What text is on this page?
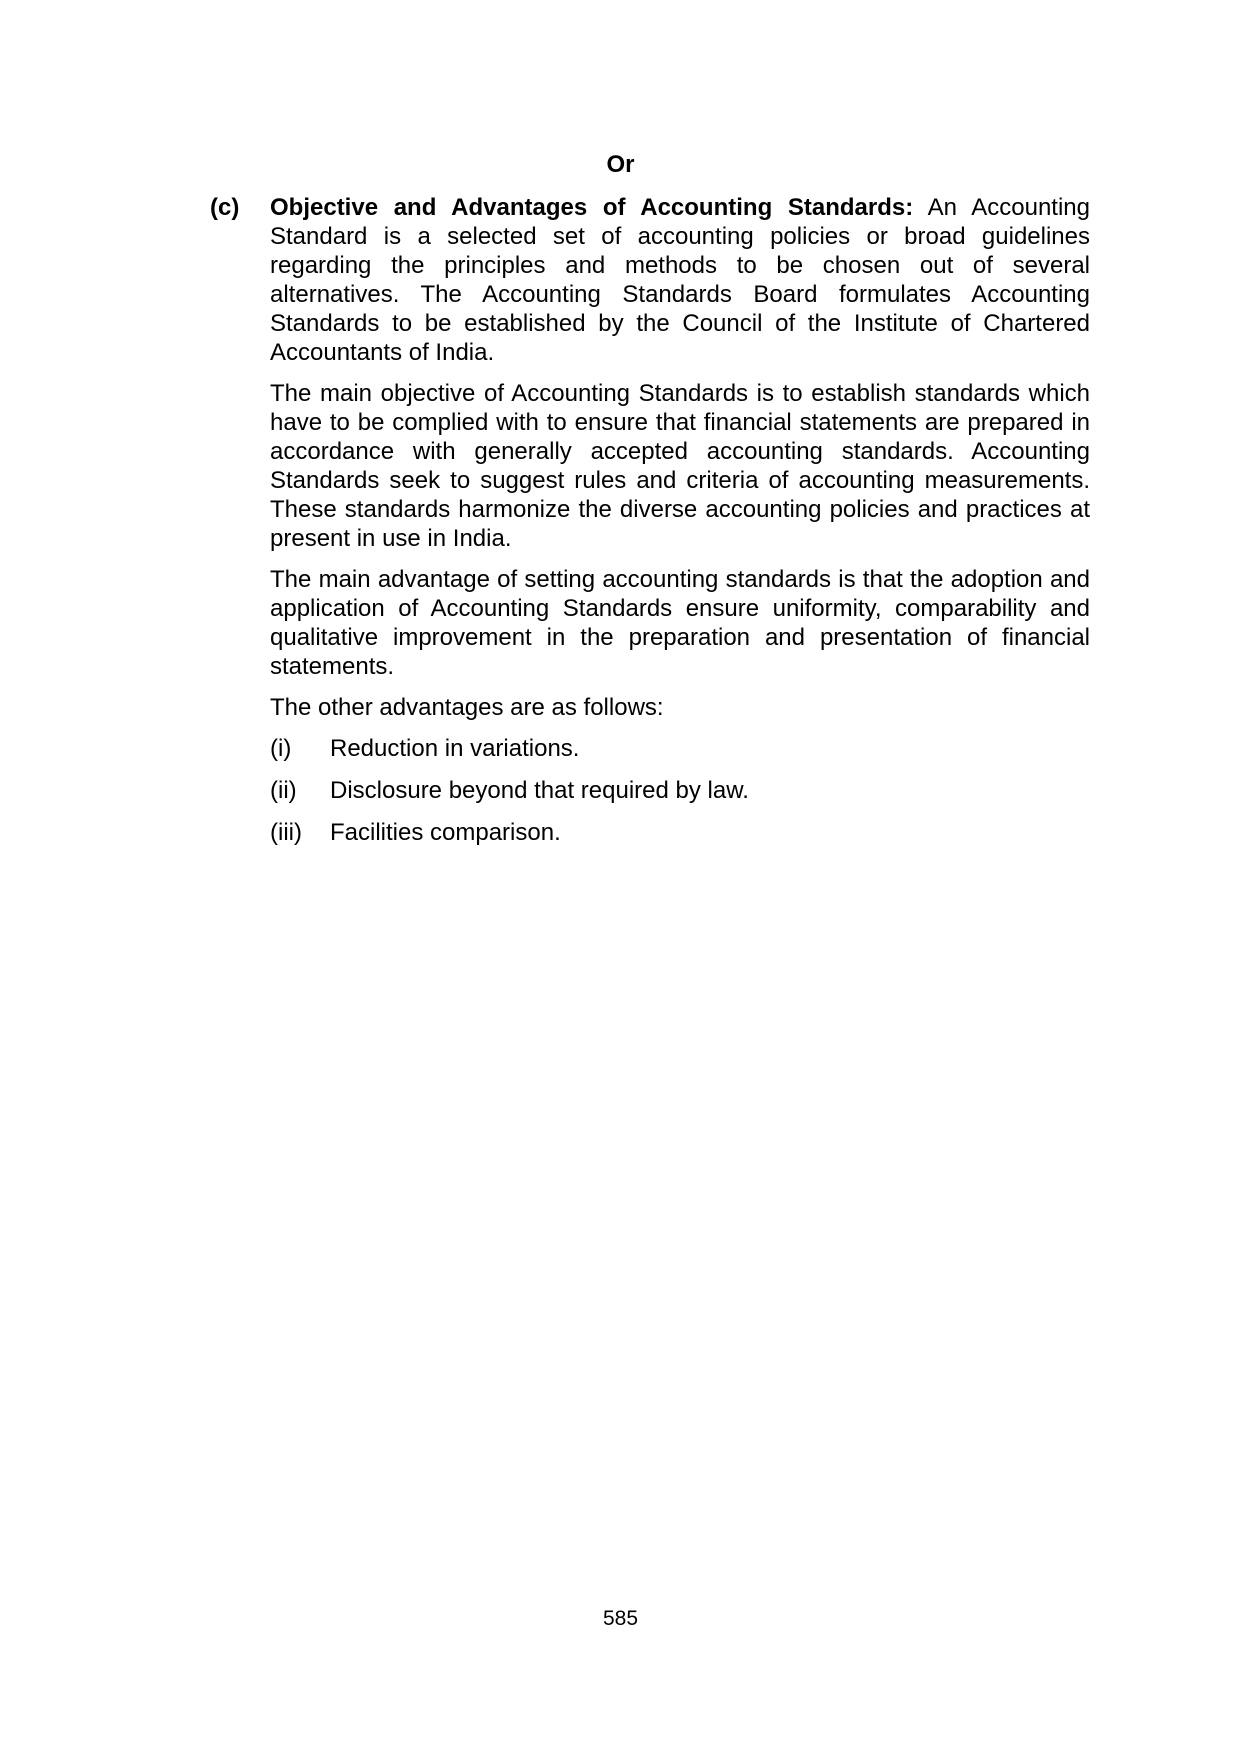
Or
(c) Objective and Advantages of Accounting Standards: An Accounting Standard is a selected set of accounting policies or broad guidelines regarding the principles and methods to be chosen out of several alternatives. The Accounting Standards Board formulates Accounting Standards to be established by the Council of the Institute of Chartered Accountants of India.

The main objective of Accounting Standards is to establish standards which have to be complied with to ensure that financial statements are prepared in accordance with generally accepted accounting standards. Accounting Standards seek to suggest rules and criteria of accounting measurements. These standards harmonize the diverse accounting policies and practices at present in use in India.

The main advantage of setting accounting standards is that the adoption and application of Accounting Standards ensure uniformity, comparability and qualitative improvement in the preparation and presentation of financial statements.

The other advantages are as follows:

(i)	Reduction in variations.
(ii)	Disclosure beyond that required by law.
(iii)	Facilities comparison.
585
